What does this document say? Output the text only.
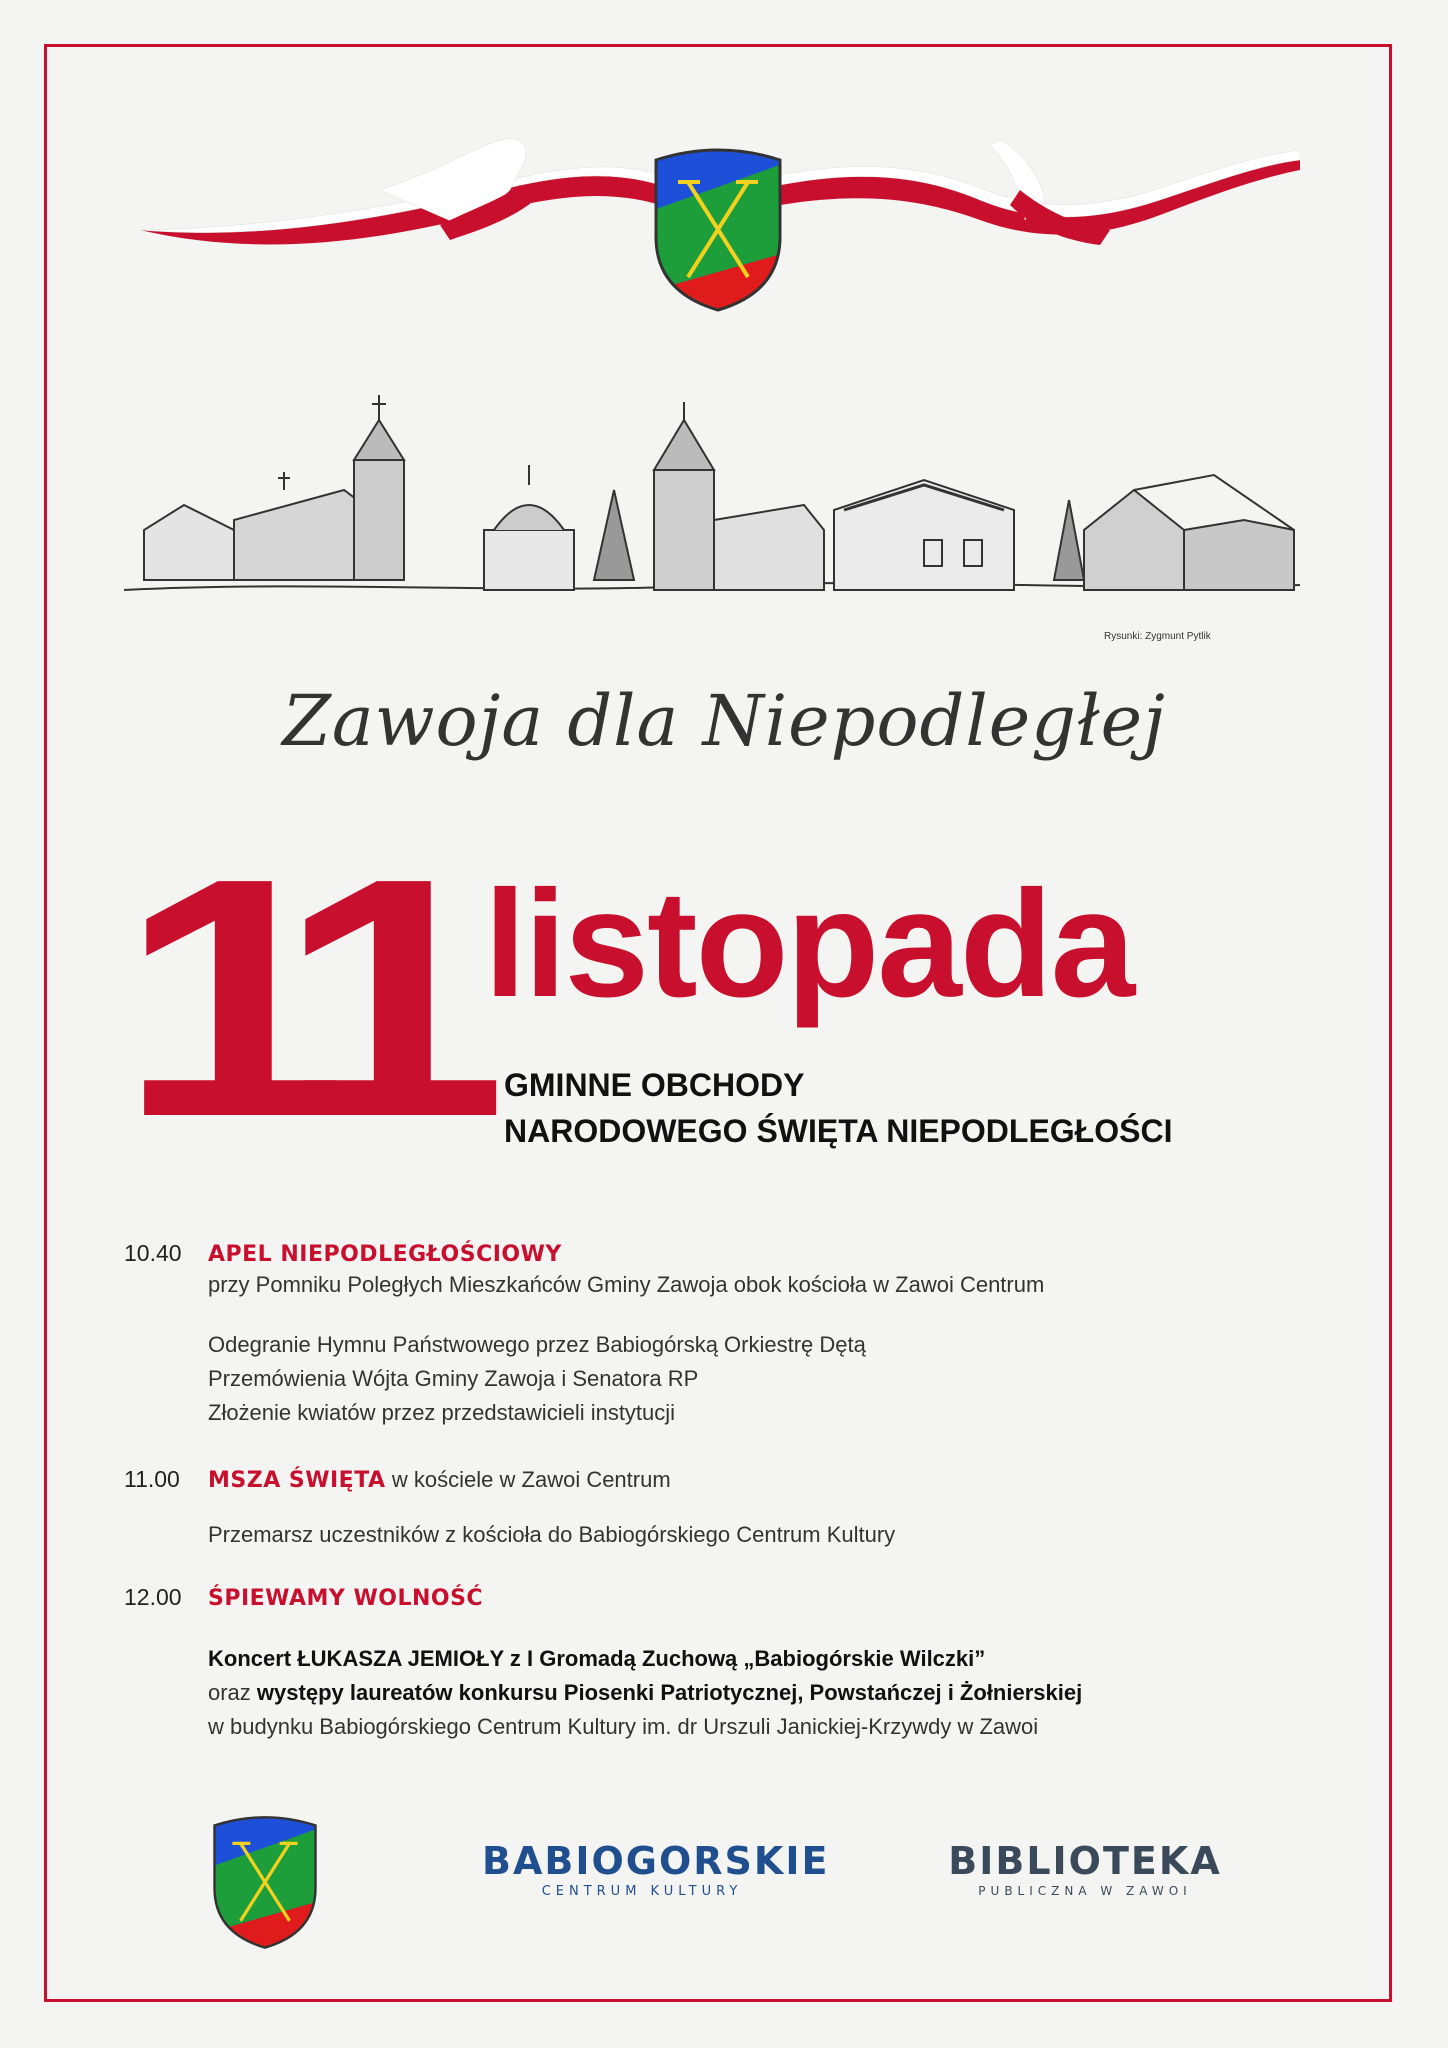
Rysunki: Zygmunt Pytlik
Zawoja dla Niepodległej
11 listopada
GMINNE OBCHODY
NARODOWEGO ŚWIĘTA NIEPODLEGŁOŚCI
10.40 APEL NIEPODLEGŁOŚCIOWY
przy Pomniku Poległych Mieszkańców Gminy Zawoja obok kościoła w Zawoi Centrum
Odegranie Hymnu Państwowego przez Babiogórską Orkiestrę Dętą
Przemówienia Wójta Gminy Zawoja i Senatora RP
Złożenie kwiatów przez przedstawicieli instytucji
11.00 MSZA ŚWIĘTA w kościele w Zawoi Centrum
Przemarsz uczestników z kościoła do Babiogórskiego Centrum Kultury
12.00 ŚPIEWAMY WOLNOŚĆ
Koncert ŁUKASZA JEMIOŁY z I Gromadą Zuchową „Babiogórskie Wilczki”
oraz występy laureatów konkursu Piosenki Patriotycznej, Powstańczej i Żołnierskiej
w budynku Babiogórskiego Centrum Kultury im. dr Urszuli Janickiej-Krzywdy w Zawoi
BABIOGORSKIE
CENTRUM KULTURY
BIBLIOTEKA
PUBLICZNA W ZAWOI
